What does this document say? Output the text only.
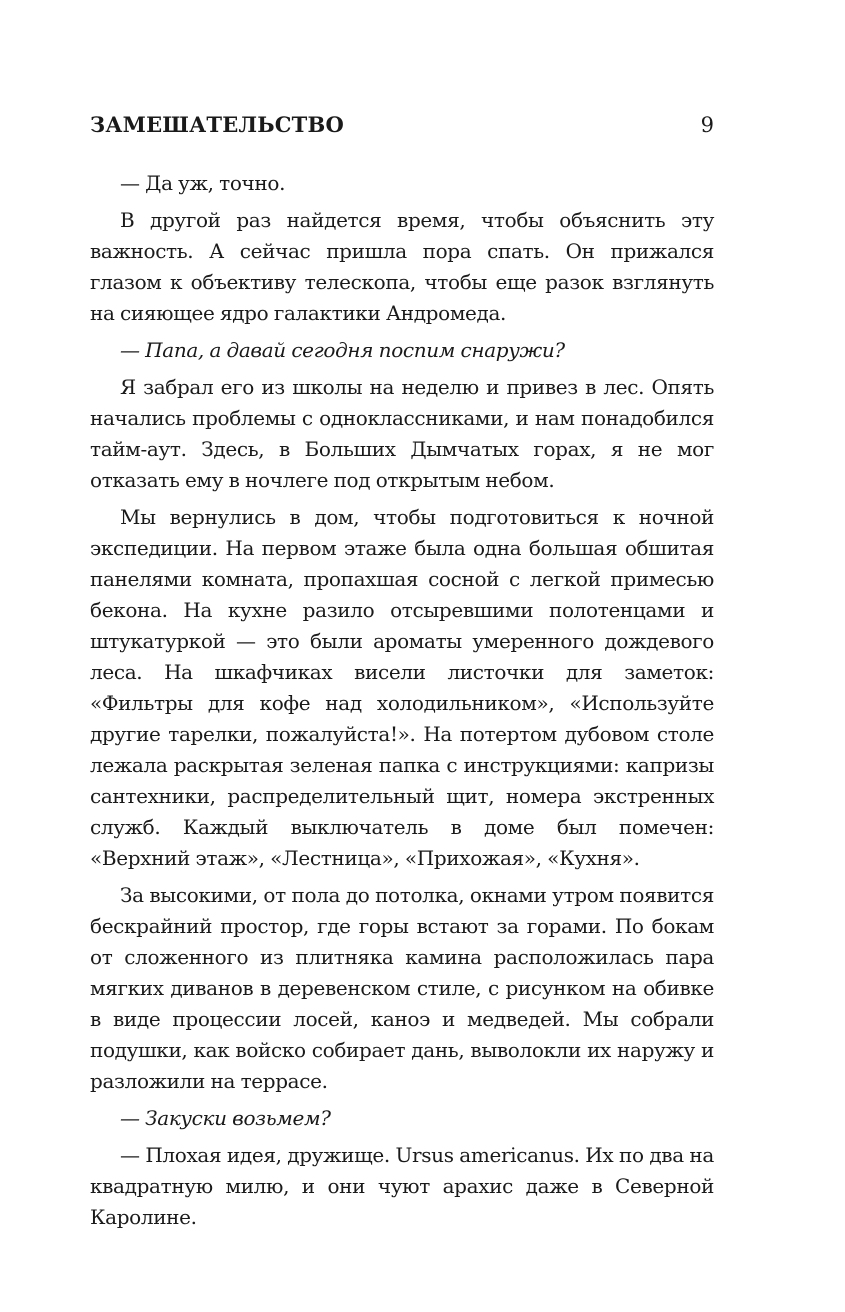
ЗАМЕШАТЕЛЬСТВО	9

— Да уж, точно.

В другой раз найдется время, чтобы объяснить эту важность. А сейчас пришла пора спать. Он прижался глазом к объективу телескопа, чтобы еще разок взглянуть на сияющее ядро галактики Андромеда.

— Папа, а давай сегодня поспим снаружи?

Я забрал его из школы на неделю и привез в лес. Опять начались проблемы с одноклассниками, и нам понадобился тайм-аут. Здесь, в Больших Дымчатых горах, я не мог отказать ему в ночлеге под открытым небом.

Мы вернулись в дом, чтобы подготовиться к ночной экспедиции. На первом этаже была одна большая обшитая панелями комната, пропахшая сосной с легкой примесью бекона. На кухне разило отсыревшими полотенцами и штукатуркой — это были ароматы умеренного дождевого леса. На шкафчиках висели листочки для заметок: «Фильтры для кофе над холодильником», «Используйте другие тарелки, пожалуйста!». На потертом дубовом столе лежала раскрытая зеленая папка с инструкциями: капризы сантехники, распределительный щит, номера экстренных служб. Каждый выключатель в доме был помечен: «Верхний этаж», «Лестница», «Прихожая», «Кухня».

За высокими, от пола до потолка, окнами утром появится бескрайний простор, где горы встают за горами. По бокам от сложенного из плитняка камина расположилась пара мягких диванов в деревенском стиле, с рисунком на обивке в виде процессии лосей, каноэ и медведей. Мы собрали подушки, как войско собирает дань, выволокли их наружу и разложили на террасе.

— Закуски возьмем?

— Плохая идея, дружище. Ursus americanus. Их по два на квадратную милю, и они чуют арахис даже в Северной Каролине.
